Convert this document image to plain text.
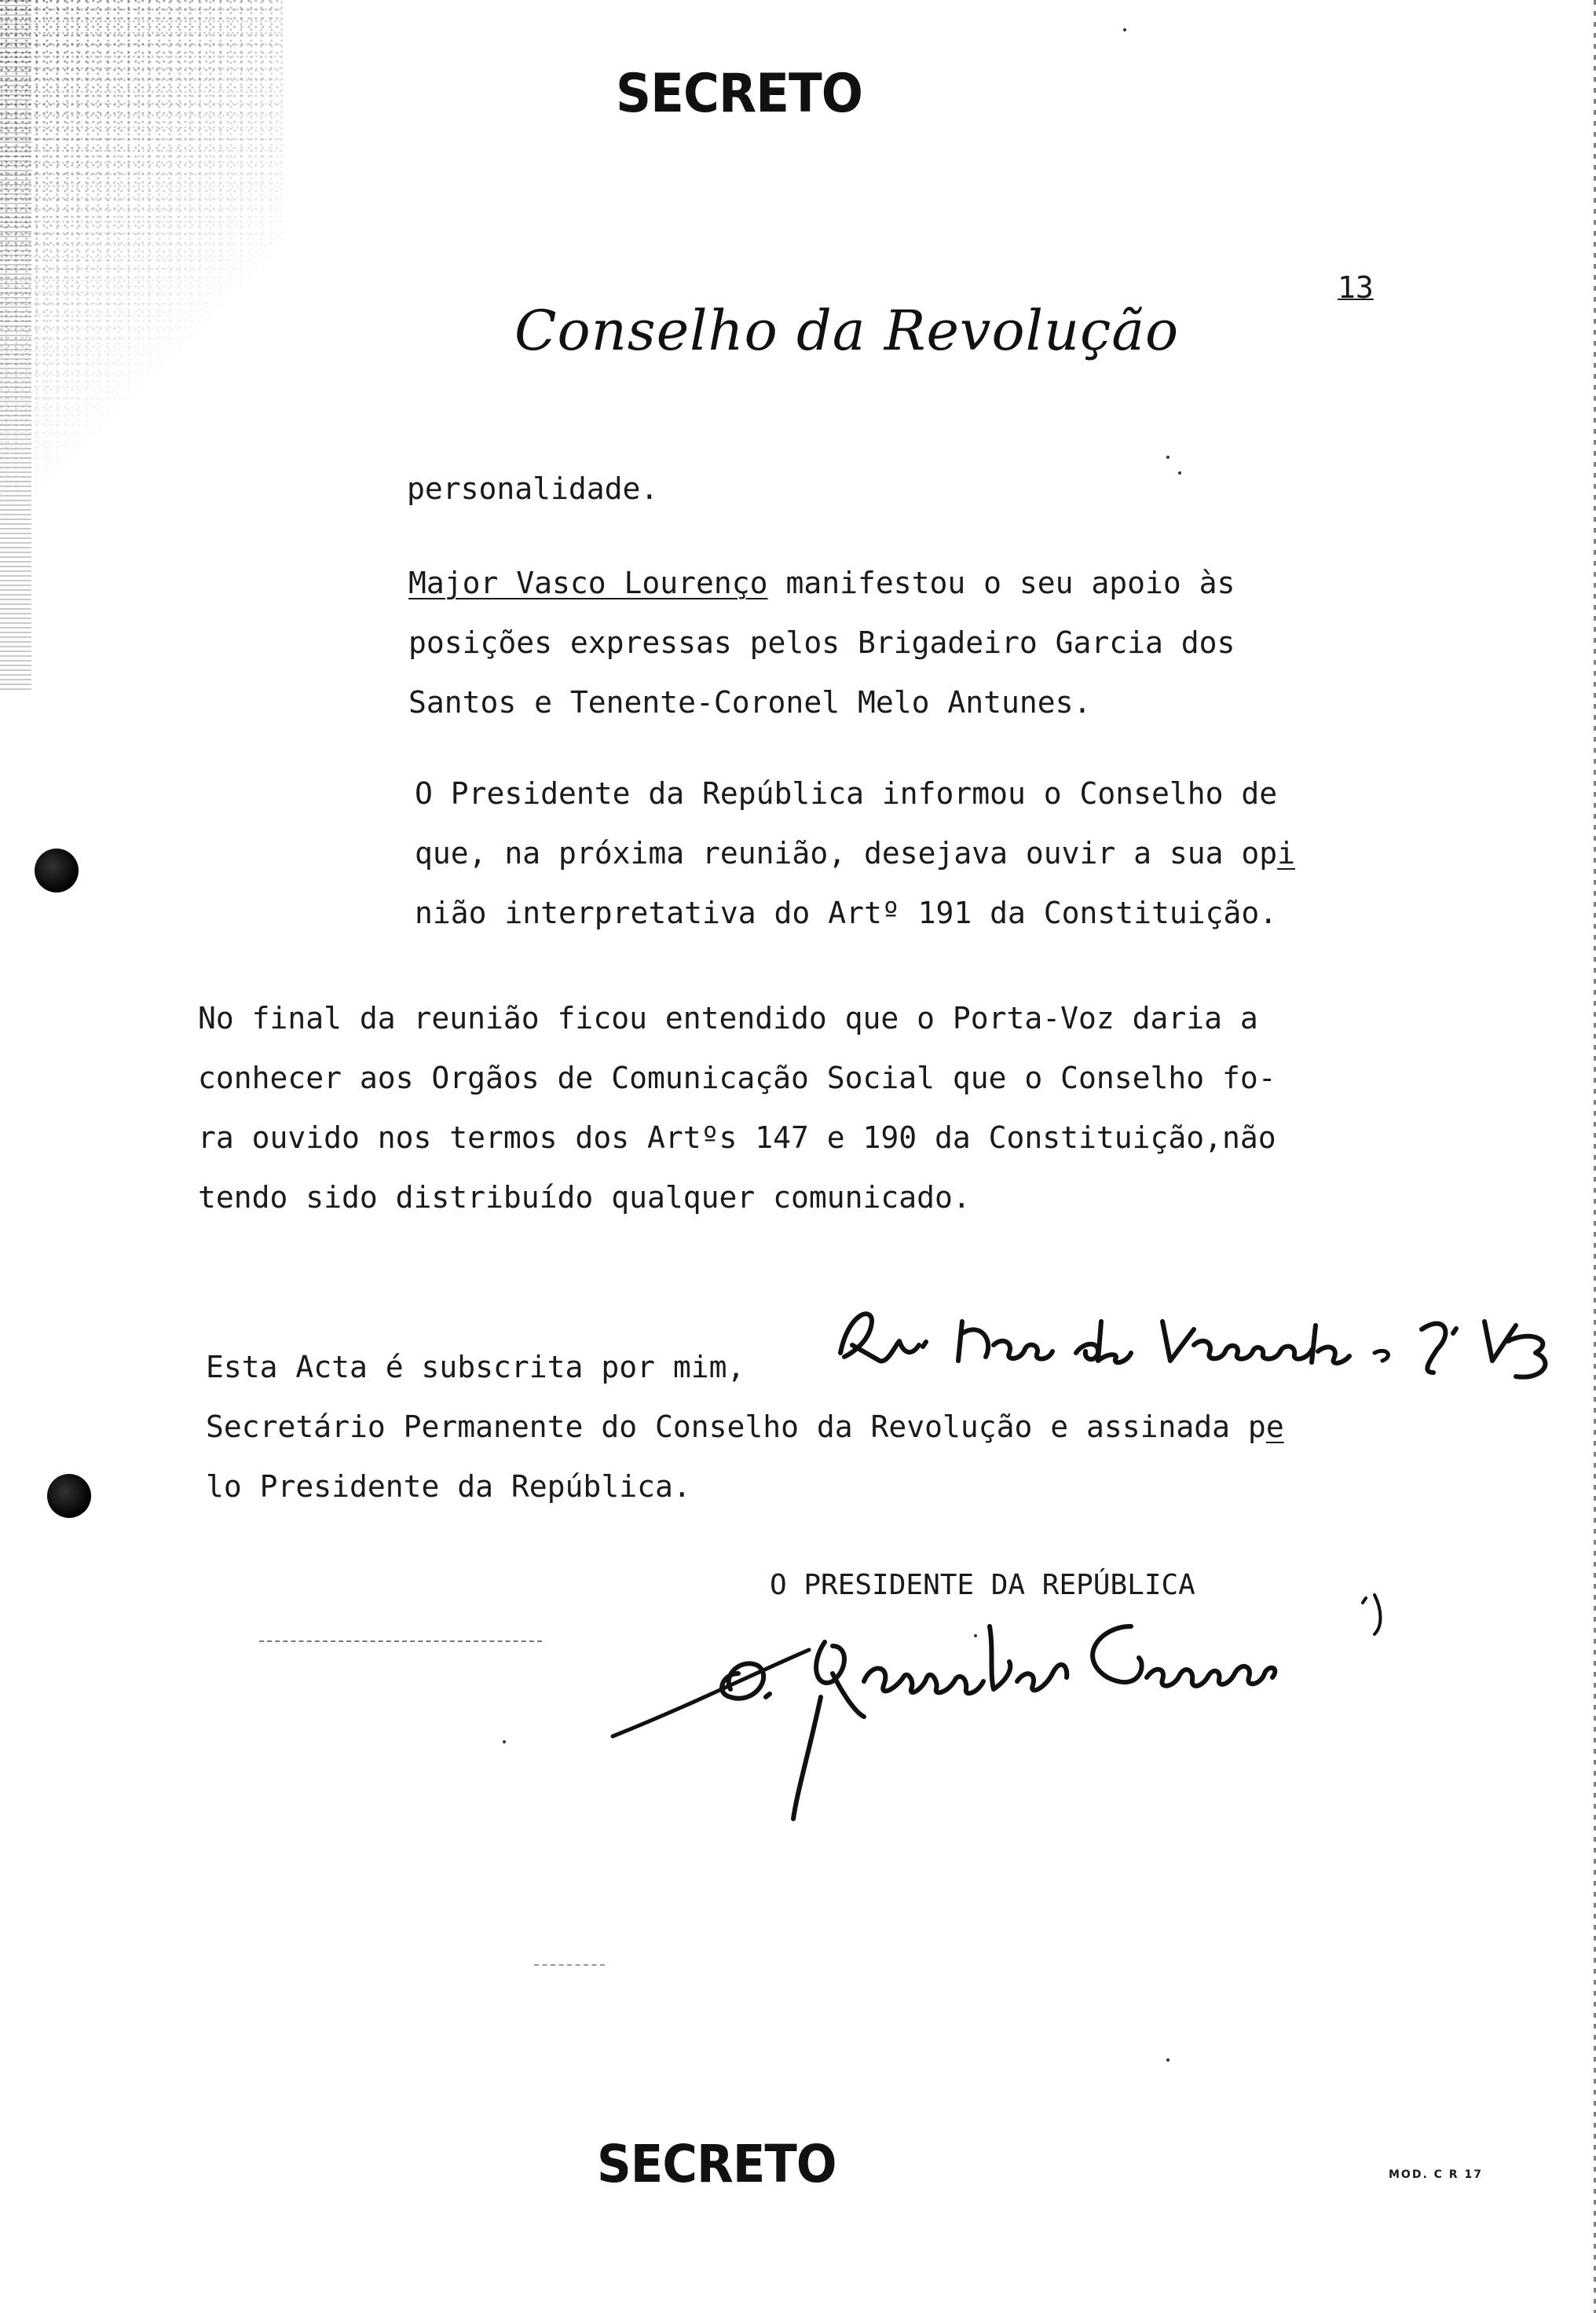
SECRETO
13
Conselho da Revolução
personalidade.
Major Vasco Lourenço manifestou o seu apoio às
posições expressas pelos Brigadeiro Garcia dos
Santos e Tenente-Coronel Melo Antunes.
O Presidente da República informou o Conselho de
que, na próxima reunião, desejava ouvir a sua opi
nião interpretativa do Artº 191 da Constituição.
No final da reunião ficou entendido que o Porta-Voz daria a
conhecer aos Orgãos de Comunicação Social que o Conselho fo-
ra ouvido nos termos dos Artºs 147 e 190 da Constituição,não
tendo sido distribuído qualquer comunicado.
Esta Acta é subscrita por mim,
Secretário Permanente do Conselho da Revolução e assinada pe
lo Presidente da República.
O PRESIDENTE DA REPÚBLICA
SECRETO	MOD. C R 17
